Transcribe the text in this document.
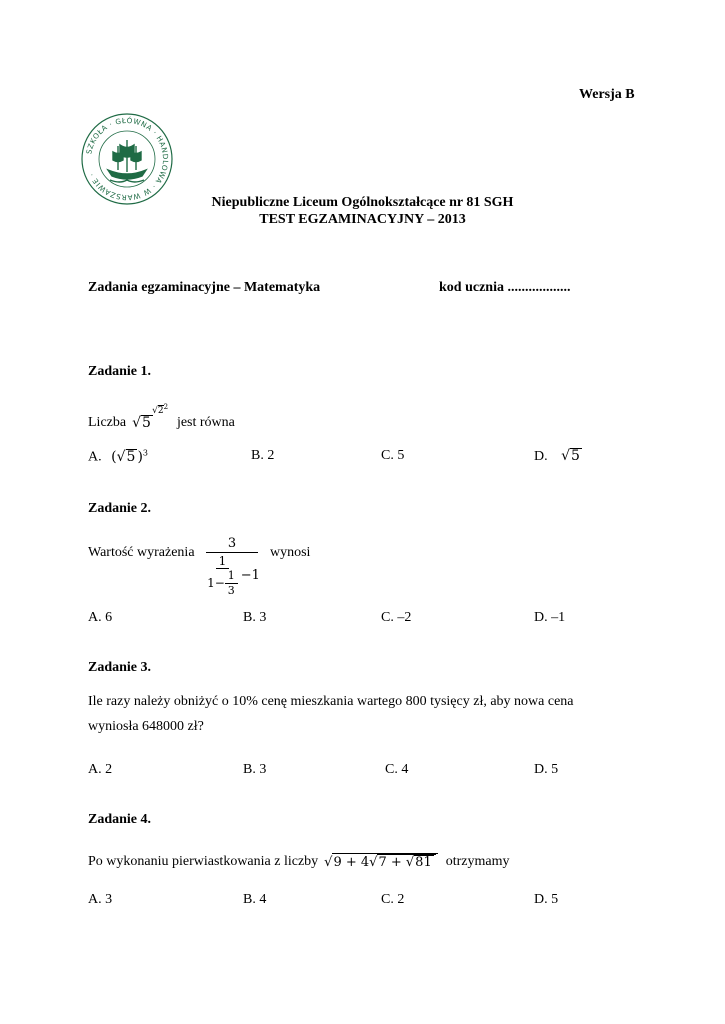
Wersja B
SZKOŁA · GŁÓWNA · HANDLOWA · W WARSZAWIE ·
Niepubliczne Liceum Ogólnokształcące nr 81 SGH
TEST EGZAMINACYJNY – 2013
Zadania egzaminacyjne – Matematyka	kod ucznia ..................
Zadanie 1.
Liczba √5
$√2^2$
jest równa
A. (√5 )$^3$	B. 2	C. 5	D. √5
Zadanie 2.
Wartość wyrażenia
3
$\frac{1}{1- \frac{1}{3}} -1$
wynosi
A. 6	B. 3	C. –2	D. –1
Zadanie 3.
Ile razy należy obniżyć o 10% cenę mieszkania wartego 800 tysięcy zł, aby nowa cena
wyniosła 648000 zł?
A. 2	B. 3	C. 4	D. 5
Zadanie 4.
Po wykonaniu pierwiastkowania z liczby √9 + 4√7 + √81	otrzymamy
A. 3	B. 4	C. 2	D. 5
